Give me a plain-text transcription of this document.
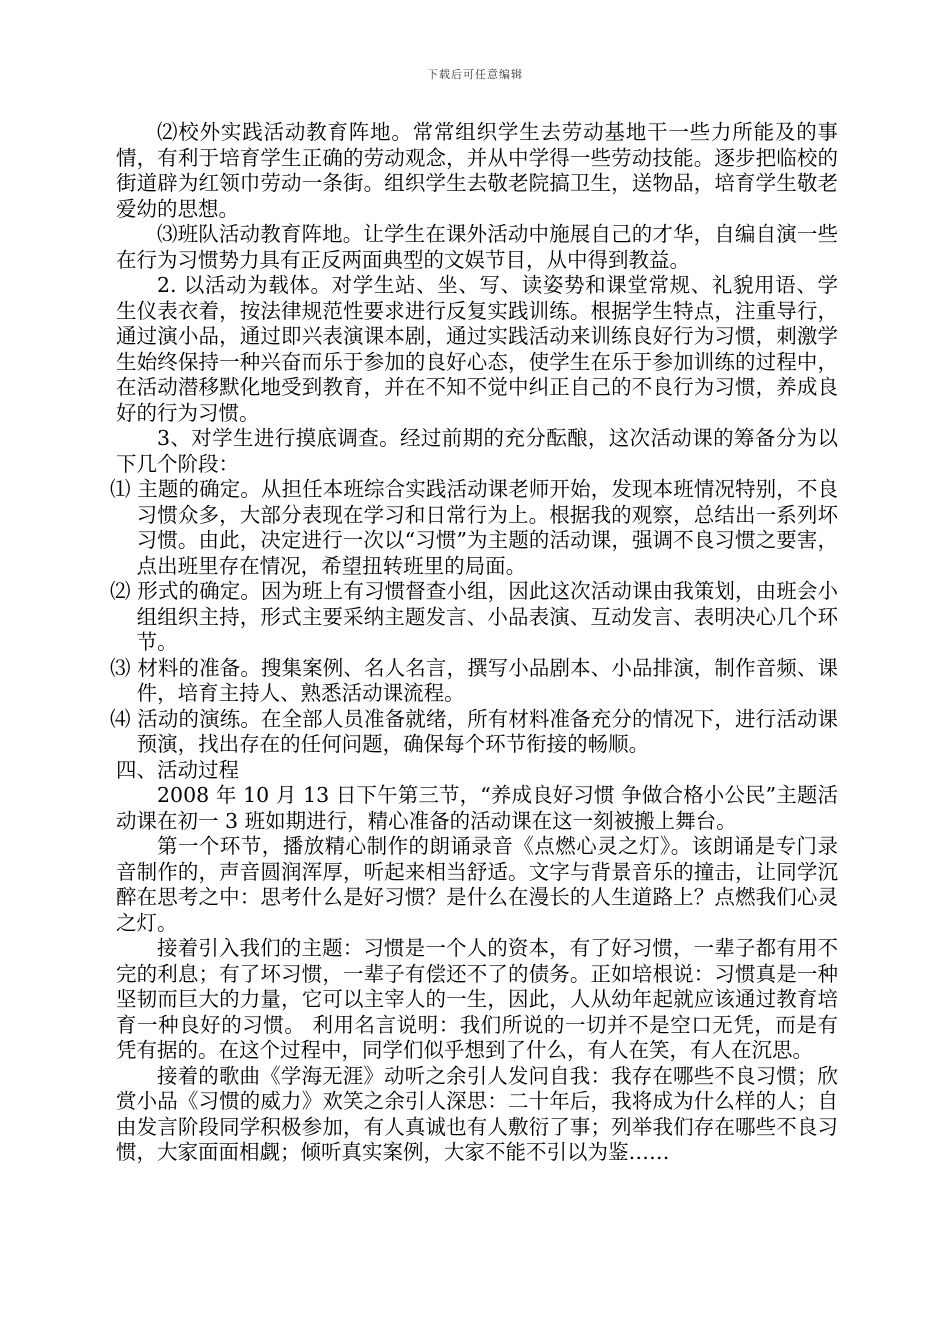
下载后可任意编辑

⑵校外实践活动教育阵地。常常组织学生去劳动基地干一些力所能及的事情，有利于培育学生正确的劳动观念，并从中学得一些劳动技能。逐步把临校的街道辟为红领巾劳动一条街。组织学生去敬老院搞卫生，送物品，培育学生敬老爱幼的思想。

⑶班队活动教育阵地。让学生在课外活动中施展自己的才华，自编自演一些在行为习惯势力具有正反两面典型的文娱节目，从中得到教益。

2. 以活动为载体。对学生站、坐、写、读姿势和课堂常规、礼貌用语、学生仪表衣着，按法律规范性要求进行反复实践训练。根据学生特点，注重导行，通过演小品，通过即兴表演课本剧，通过实践活动来训练良好行为习惯，刺激学生始终保持一种兴奋而乐于参加的良好心态，使学生在乐于参加训练的过程中，在活动潜移默化地受到教育，并在不知不觉中纠正自己的不良行为习惯，养成良好的行为习惯。

3、对学生进行摸底调查。经过前期的充分酝酿，这次活动课的筹备分为以下几个阶段：

⑴ 主题的确定。从担任本班综合实践活动课老师开始，发现本班情况特别，不良习惯众多，大部分表现在学习和日常行为上。根据我的观察，总结出一系列坏习惯。由此，决定进行一次以“习惯”为主题的活动课，强调不良习惯之要害，点出班里存在情况，希望扭转班里的局面。

⑵ 形式的确定。因为班上有习惯督查小组，因此这次活动课由我策划，由班会小组组织主持，形式主要采纳主题发言、小品表演、互动发言、表明决心几个环节。

⑶ 材料的准备。搜集案例、名人名言，撰写小品剧本、小品排演，制作音频、课件，培育主持人、熟悉活动课流程。

⑷ 活动的演练。在全部人员准备就绪，所有材料准备充分的情况下，进行活动课预演，找出存在的任何问题，确保每个环节衔接的畅顺。

四、活动过程

2008 年 10 月 13 日下午第三节，“养成良好习惯 争做合格小公民”主题活动课在初一 3 班如期进行，精心准备的活动课在这一刻被搬上舞台。

第一个环节，播放精心制作的朗诵录音《点燃心灵之灯》。该朗诵是专门录音制作的，声音圆润浑厚，听起来相当舒适。文字与背景音乐的撞击，让同学沉醉在思考之中：思考什么是好习惯？是什么在漫长的人生道路上？点燃我们心灵之灯。

接着引入我们的主题：习惯是一个人的资本，有了好习惯，一辈子都有用不完的利息；有了坏习惯，一辈子有偿还不了的债务。正如培根说：习惯真是一种坚韧而巨大的力量，它可以主宰人的一生，因此，人从幼年起就应该通过教育培育一种良好的习惯。 利用名言说明：我们所说的一切并不是空口无凭，而是有凭有据的。在这个过程中，同学们似乎想到了什么，有人在笑，有人在沉思。

接着的歌曲《学海无涯》动听之余引人发问自我：我存在哪些不良习惯；欣赏小品《习惯的威力》欢笑之余引人深思：二十年后，我将成为什么样的人；自由发言阶段同学积极参加，有人真诚也有人敷衍了事；列举我们存在哪些不良习惯，大家面面相觑；倾听真实案例，大家不能不引以为鉴……
